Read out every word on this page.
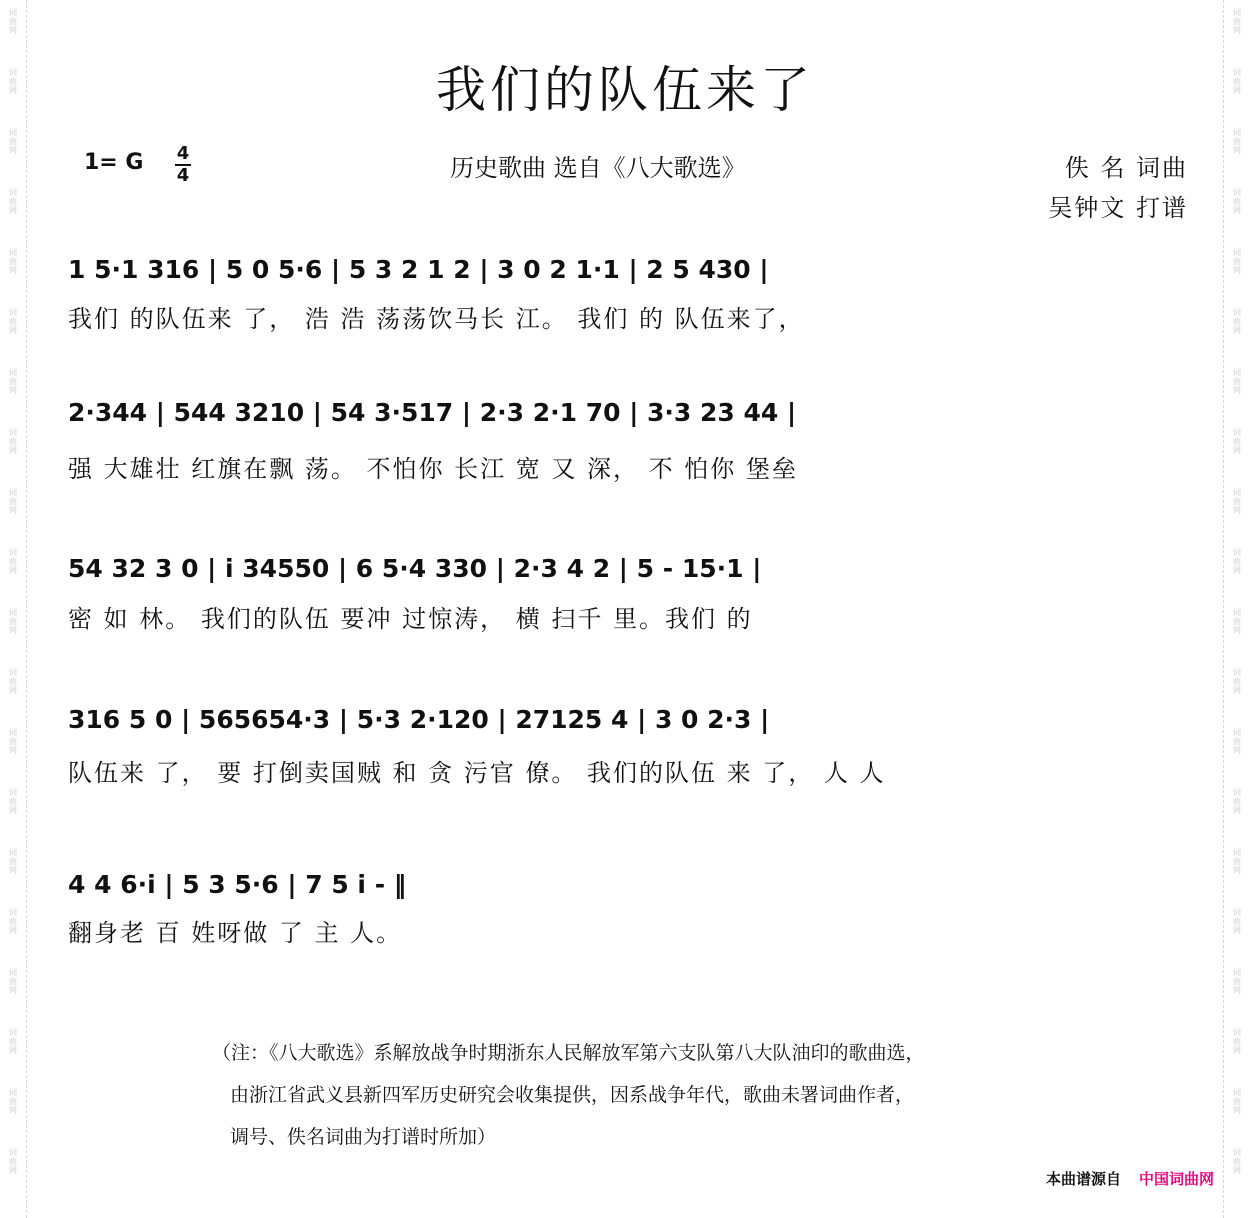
词
曲
网
词
曲
网
词
曲
网
词
曲
网
词
曲
网
词
曲
网
词
曲
网
词
曲
网
词
曲
网
词
曲
网
词
曲
网
词
曲
网
词
曲
网
词
曲
网
词
曲
网
词
曲
网
词
曲
网
词
曲
网
词
曲
网
词
曲
网
词
曲
网
词
曲
网
词
曲
网
词
曲
网
词
曲
网
词
曲
网
词
曲
网
词
曲
网
词
曲
网
词
曲
网
词
曲
网
词
曲
网
词
曲
网
词
曲
网
词
曲
网
词
曲
网
词
曲
网
词
曲
网
词
曲
网
词
曲
网
我们的队伍来了
1= G 4
4	历史歌曲 选自《八大歌选》	佚 名 词曲
吴钟文 打谱
1 5·1 316 | 5 0 5·6 | 5 3 2 1 2 | 3 0 2 1·1 | 2 5 430 |
我们 的队伍来 了， 浩 浩 荡荡饮马长 江。 我们 的 队伍来了，
2·344 | 544 3210 | 54 3·517 | 2·3 2·1 70 | 3·3 23 44 |
强 大雄壮 红旗在飘 荡。 不怕你 长江 宽 又 深， 不 怕你 堡垒
54 32 3 0 | i 34550 | 6 5·4 330 | 2·3 4 2 | 5 - 15·1 |
密 如 林。 我们的队伍 要冲 过惊涛， 横 扫千 里。我们 的
316 5 0 | 565654·3 | 5·3 2·120 | 27125 4 | 3 0 2·3 |
队伍来 了， 要 打倒卖国贼 和 贪 污官 僚。 我们的队伍 来 了， 人 人
4 4 6·i | 5 3 5·6 | 7 5 i - ‖
翻身老 百 姓呀做 了 主 人。
（注：《八大歌选》系解放战争时期浙东人民解放军第六支队第八大队油印的歌曲选，
由浙江省武义县新四军历史研究会收集提供，因系战争年代，歌曲未署词曲作者，
调号、佚名词曲为打谱时所加）
本曲谱源自 中国词曲网
